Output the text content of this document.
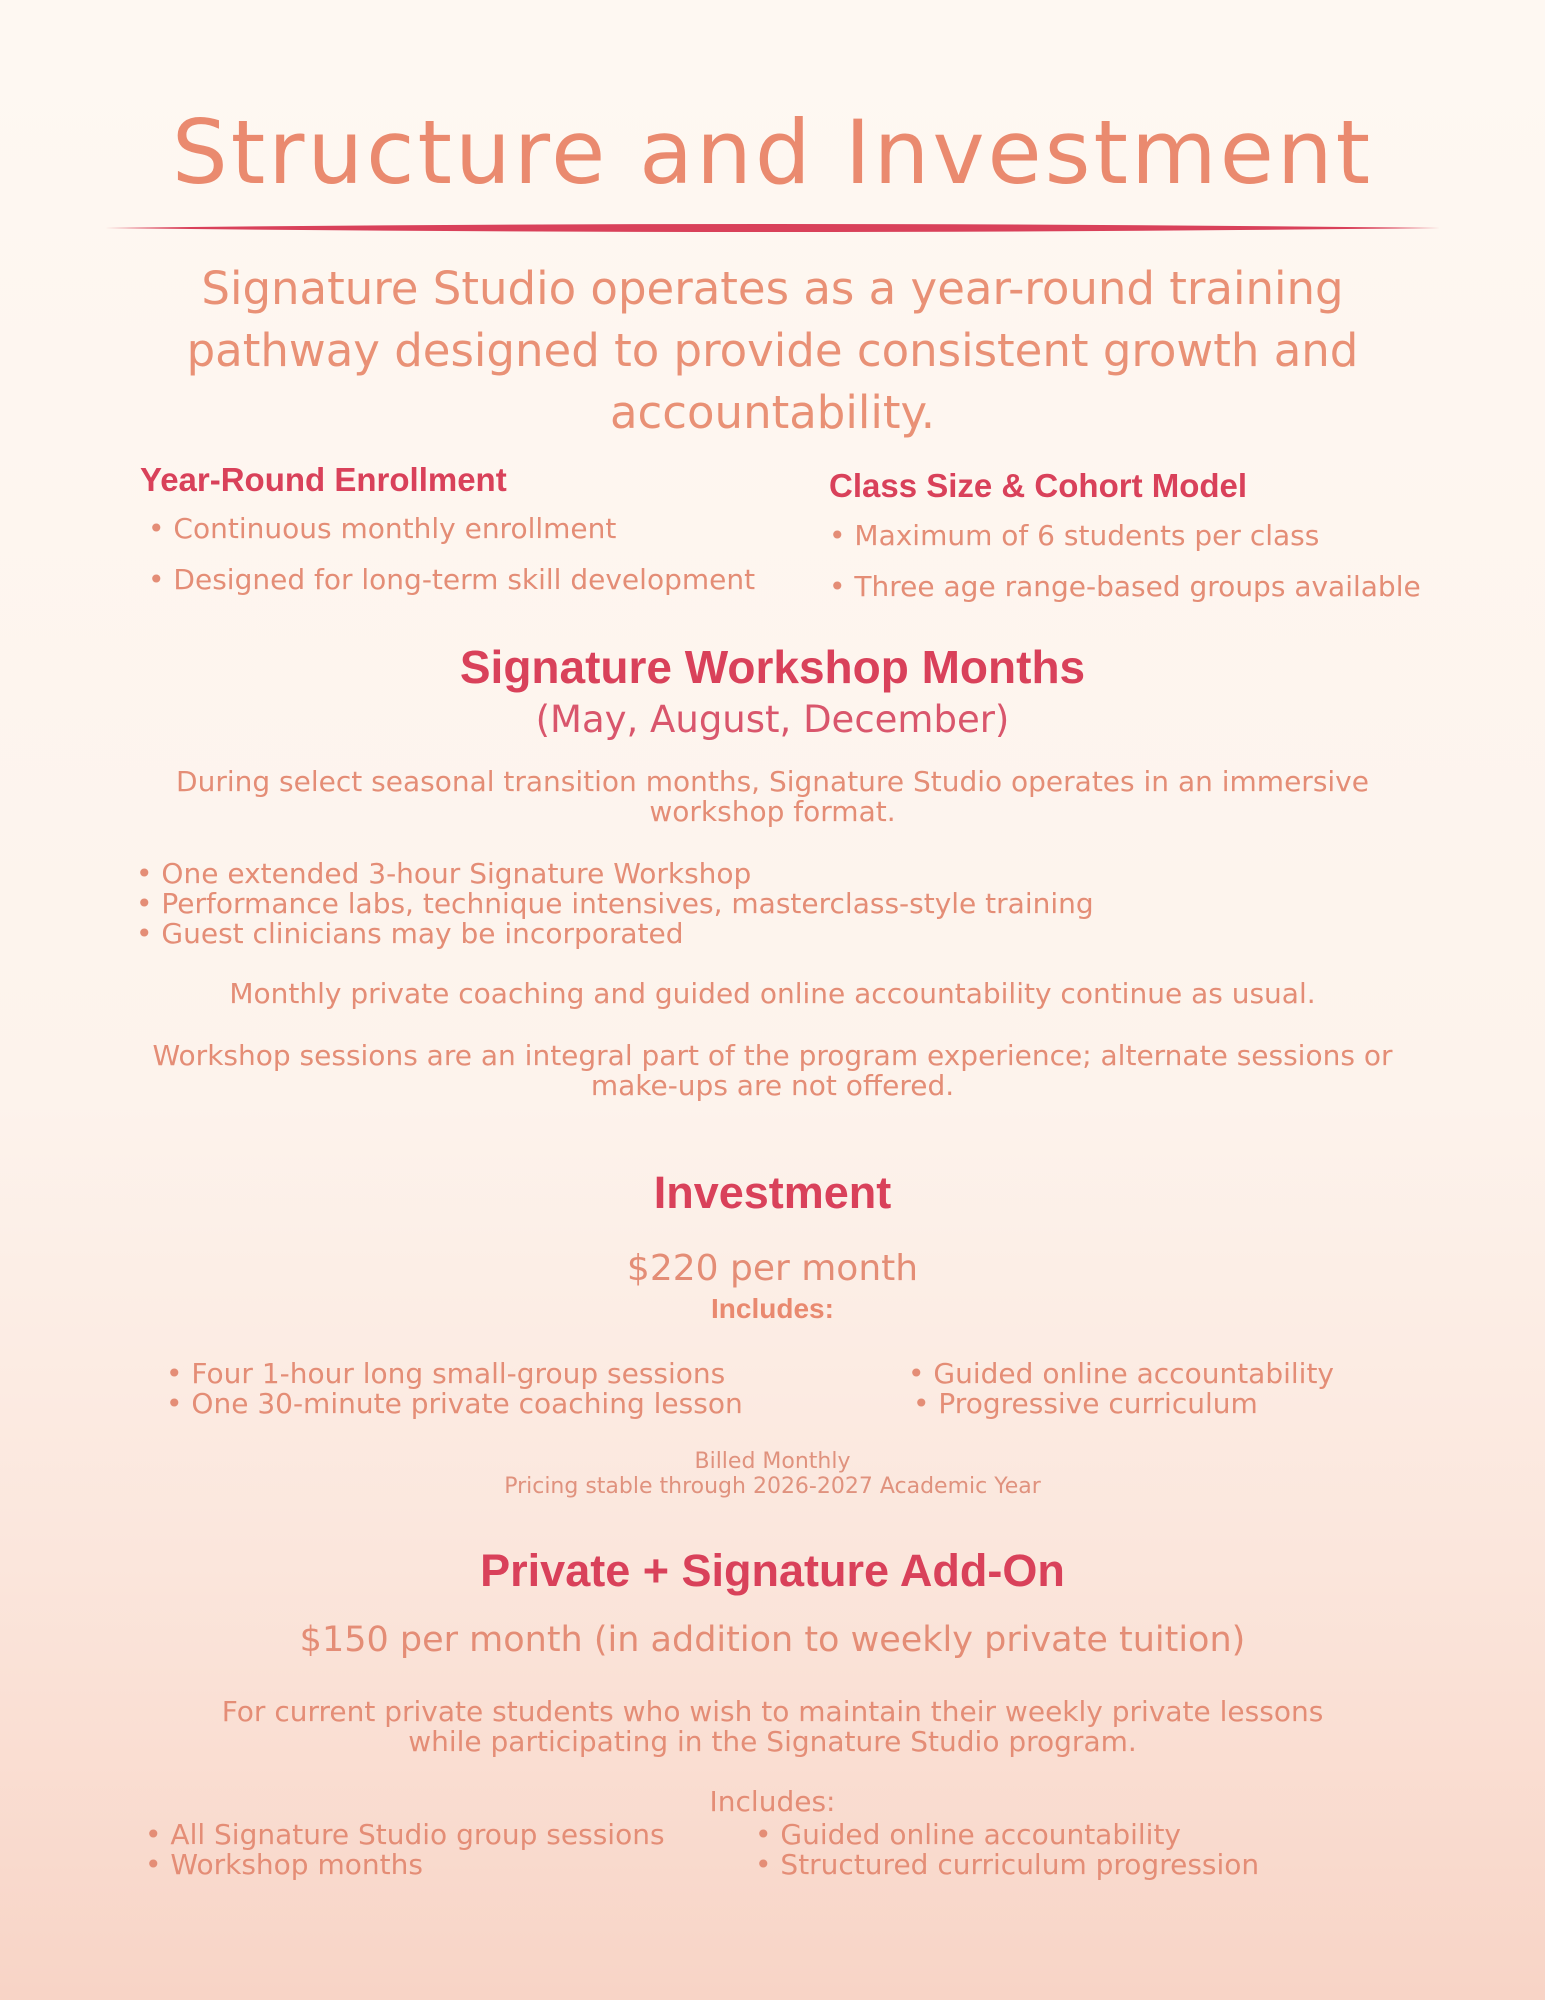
Structure and Investment

Signature Studio operates as a year-round training pathway designed to provide consistent growth and accountability.

Year-Round Enrollment
• Continuous monthly enrollment
• Designed for long-term skill development
Class Size & Cohort Model
• Maximum of 6 students per class
• Three age range-based groups available
Signature Workshop Months
(May, August, December)

During select seasonal transition months, Signature Studio operates in an immersive workshop format.

• One extended 3-hour Signature Workshop
• Performance labs, technique intensives, masterclass-style training
• Guest clinicians may be incorporated

Monthly private coaching and guided online accountability continue as usual.

Workshop sessions are an integral part of the program experience; alternate sessions or make-ups are not offered.

Investment
$220 per month
Includes:
• Four 1-hour long small-group sessions
• One 30-minute private coaching lesson
• Guided online accountability
• Progressive curriculum
Billed Monthly
Pricing stable through 2026-2027 Academic Year
Private + Signature Add-On
$150 per month (in addition to weekly private tuition)

For current private students who wish to maintain their weekly private lessons while participating in the Signature Studio program.

Includes:
• All Signature Studio group sessions
• Workshop months
• Guided online accountability
• Structured curriculum progression
